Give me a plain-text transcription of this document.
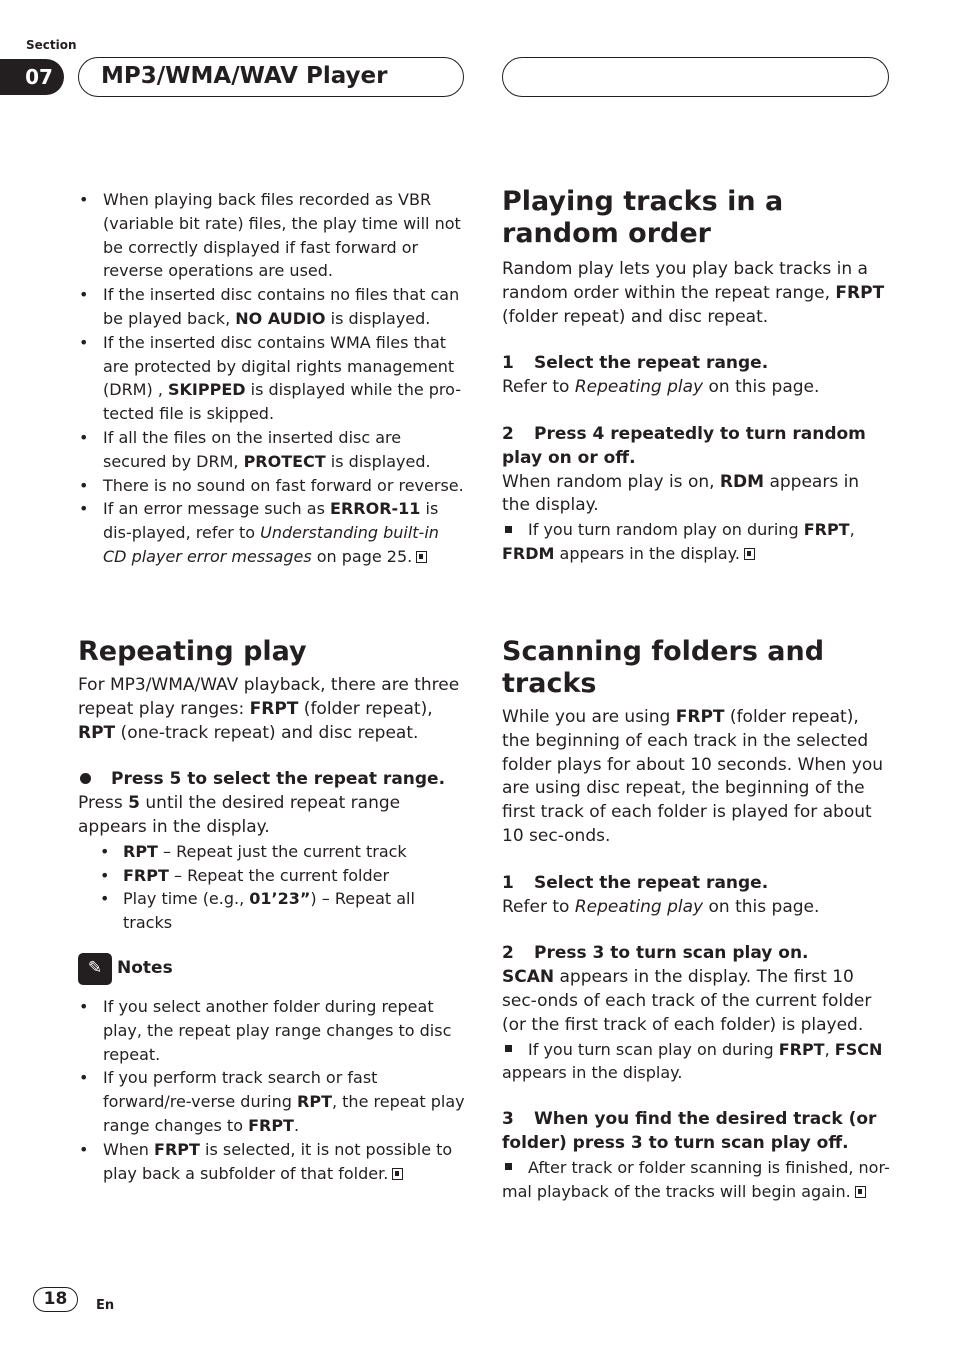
Section
07	MP3/WMA/WAV Player

• When playing back files recorded as VBR (variable bit rate) files, the play time will not be correctly displayed if fast forward or reverse operations are used.

• If the inserted disc contains no files that can be played back, NO AUDIO is displayed.

• If the inserted disc contains WMA files that are protected by digital rights management (DRM) , SKIPPED is displayed while the pro-tected file is skipped.

• If all the files on the inserted disc are secured by DRM, PROTECT is displayed.

• There is no sound on fast forward or reverse.

• If an error message such as ERROR-11 is dis-played, refer to Understanding built-in CD player error messages on page 25.

Repeating play

For MP3/WMA/WAV playback, there are three repeat play ranges: FRPT (folder repeat), RPT (one-track repeat) and disc repeat.

Press 5 to select the repeat range.

Press 5 until the desired repeat range appears in the display.

• RPT – Repeat just the current track

• FRPT – Repeat the current folder

• Play time (e.g., 01’23”) – Repeat all tracks

✎ Notes

• If you select another folder during repeat play, the repeat play range changes to disc repeat.

• If you perform track search or fast forward/re-verse during RPT, the repeat play range changes to FRPT.

• When FRPT is selected, it is not possible to play back a subfolder of that folder.

Playing tracks in a random order

Random play lets you play back tracks in a random order within the repeat range, FRPT (folder repeat) and disc repeat.

1 Select the repeat range.

Refer to Repeating play on this page.

2 Press 4 repeatedly to turn random play on or off.

When random play is on, RDM appears in the display.

If you turn random play on during FRPT, FRDM appears in the display.

Scanning folders and tracks

While you are using FRPT (folder repeat), the beginning of each track in the selected folder plays for about 10 seconds. When you are using disc repeat, the beginning of the first track of each folder is played for about 10 sec-onds.

1 Select the repeat range.

Refer to Repeating play on this page.

2 Press 3 to turn scan play on.

SCAN appears in the display. The first 10 sec-onds of each track of the current folder (or the first track of each folder) is played.

If you turn scan play on during FRPT, FSCN appears in the display.

3 When you find the desired track (or folder) press 3 to turn scan play off.

After track or folder scanning is finished, nor-mal playback of the tracks will begin again.

18	En
